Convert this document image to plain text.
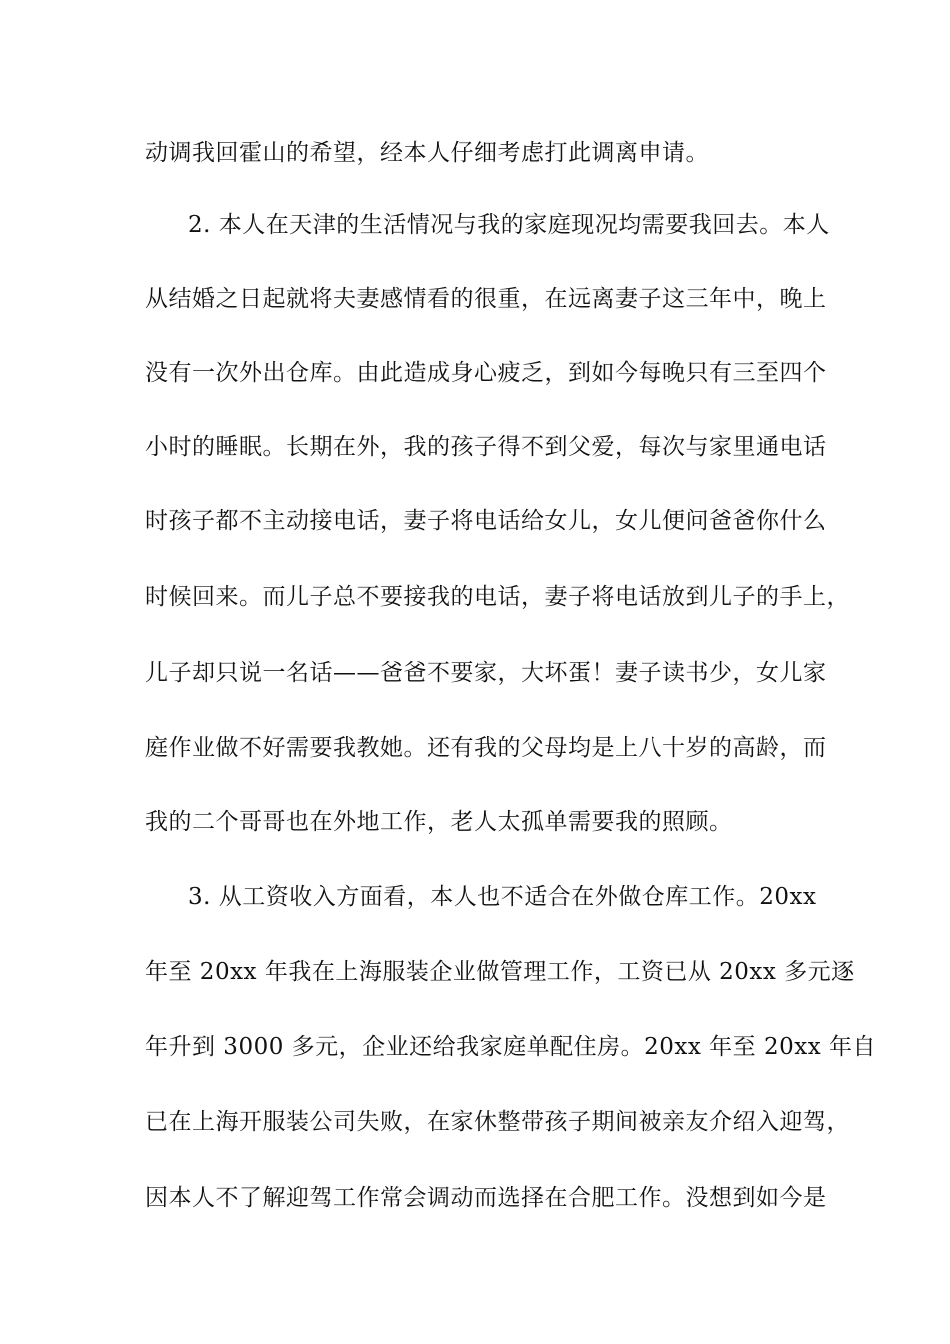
动调我回霍山的希望，经本人仔细考虑打此调离申请。
2. 本人在天津的生活情况与我的家庭现况均需要我回去。本人
从结婚之日起就将夫妻感情看的很重，在远离妻子这三年中，晚上
没有一次外出仓库。由此造成身心疲乏，到如今每晚只有三至四个
小时的睡眠。长期在外，我的孩子得不到父爱，每次与家里通电话
时孩子都不主动接电话，妻子将电话给女儿，女儿便问爸爸你什么
时候回来。而儿子总不要接我的电话，妻子将电话放到儿子的手上，
儿子却只说一名话——爸爸不要家，大坏蛋！妻子读书少，女儿家
庭作业做不好需要我教她。还有我的父母均是上八十岁的高龄，而
我的二个哥哥也在外地工作，老人太孤单需要我的照顾。
3. 从工资收入方面看，本人也不适合在外做仓库工作。20xx
年至 20xx 年我在上海服装企业做管理工作，工资已从 20xx 多元逐
年升到 3000 多元，企业还给我家庭单配住房。20xx 年至 20xx 年自
已在上海开服装公司失败，在家休整带孩子期间被亲友介绍入迎驾，
因本人不了解迎驾工作常会调动而选择在合肥工作。没想到如今是
